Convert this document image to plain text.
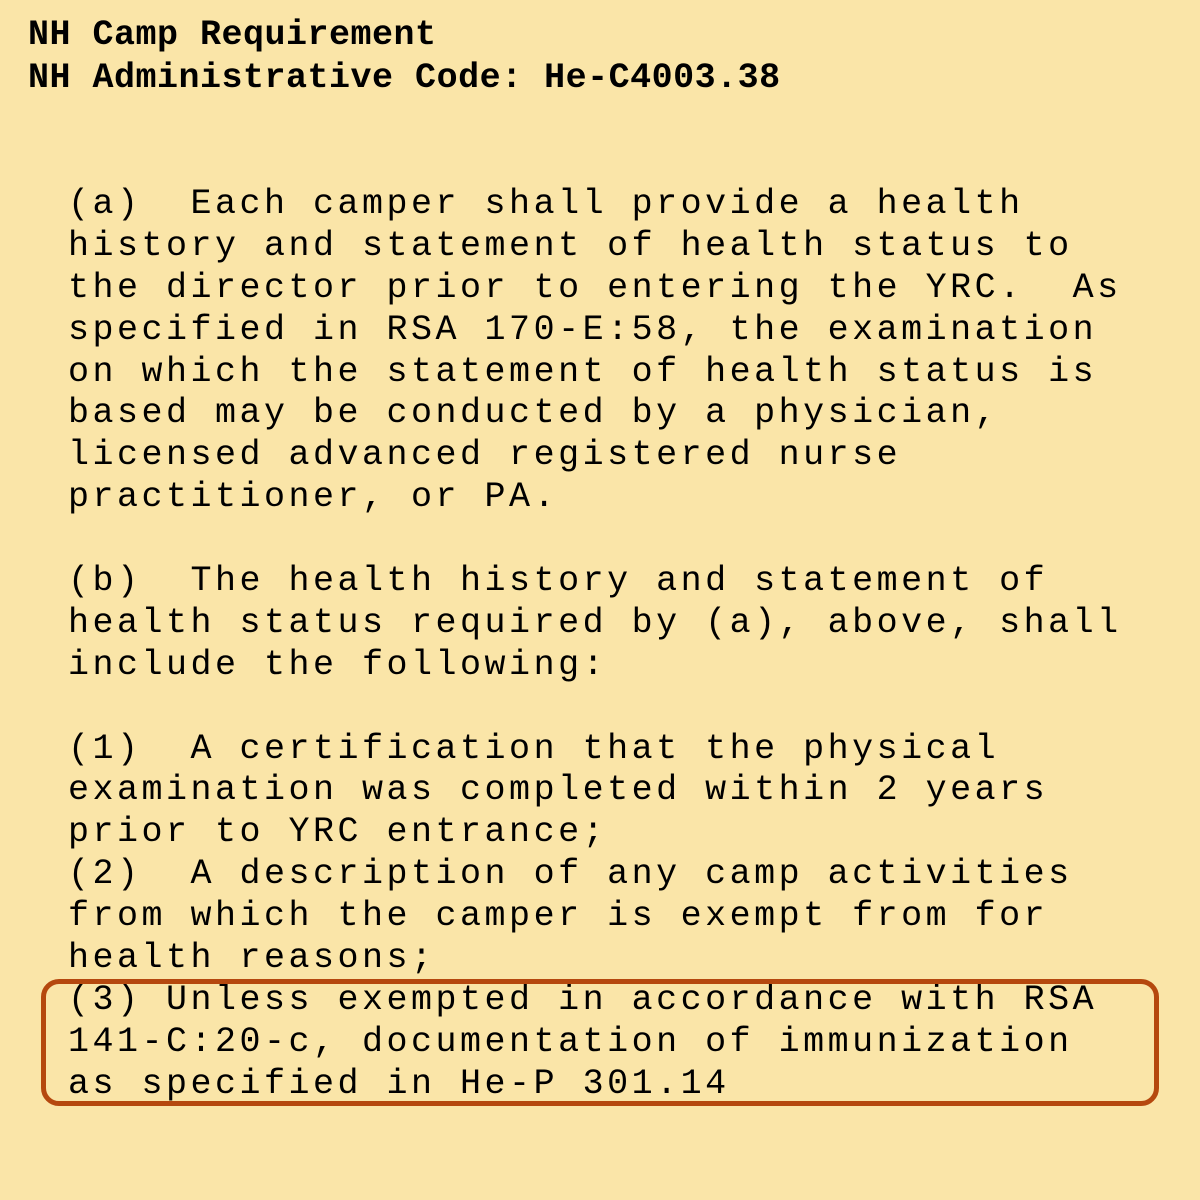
NH Camp Requirement
NH Administrative Code: He-C4003.38
(a)  Each camper shall provide a health
history and statement of health status to
the director prior to entering the YRC.  As
specified in RSA 170-E:58, the examination
on which the statement of health status is
based may be conducted by a physician,
licensed advanced registered nurse
practitioner, or PA.
(b)  The health history and statement of
health status required by (a), above, shall
include the following:
(1)  A certification that the physical
examination was completed within 2 years
prior to YRC entrance;
(2)  A description of any camp activities
from which the camper is exempt from for
health reasons;
(3) Unless exempted in accordance with RSA
141-C:20-c, documentation of immunization
as specified in He-P 301.14
